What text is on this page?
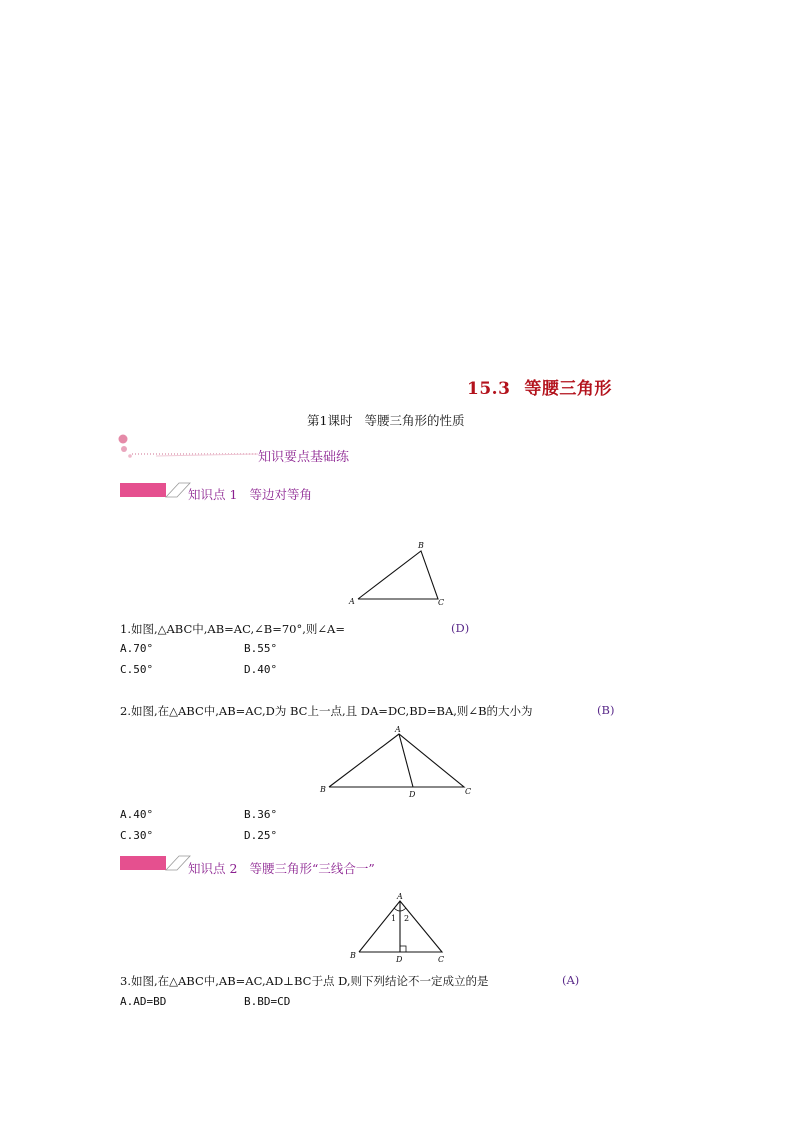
15.3 等腰三角形
第1课时 等腰三角形的性质
知识要点基础练
知识点 1 等边对等角
A
B
C
1.如图,△ABC中,AB=AC,∠B=70°,则∠A=	(D)
A.70°	B.55°
C.50°	D.40°
2.如图,在△ABC中,AB=AC,D为 BC上一点,且 DA=DC,BD=BA,则∠B的大小为	(B)
A
B	C
D
A.40°	B.36°
C.30°	D.25°
知识点 2 等腰三角形“三线合一”
A
B	C
D
1 2
3.如图,在△ABC中,AB=AC,AD⊥BC于点 D,则下列结论不一定成立的是	(A)
A.AD=BD	B.BD=CD
